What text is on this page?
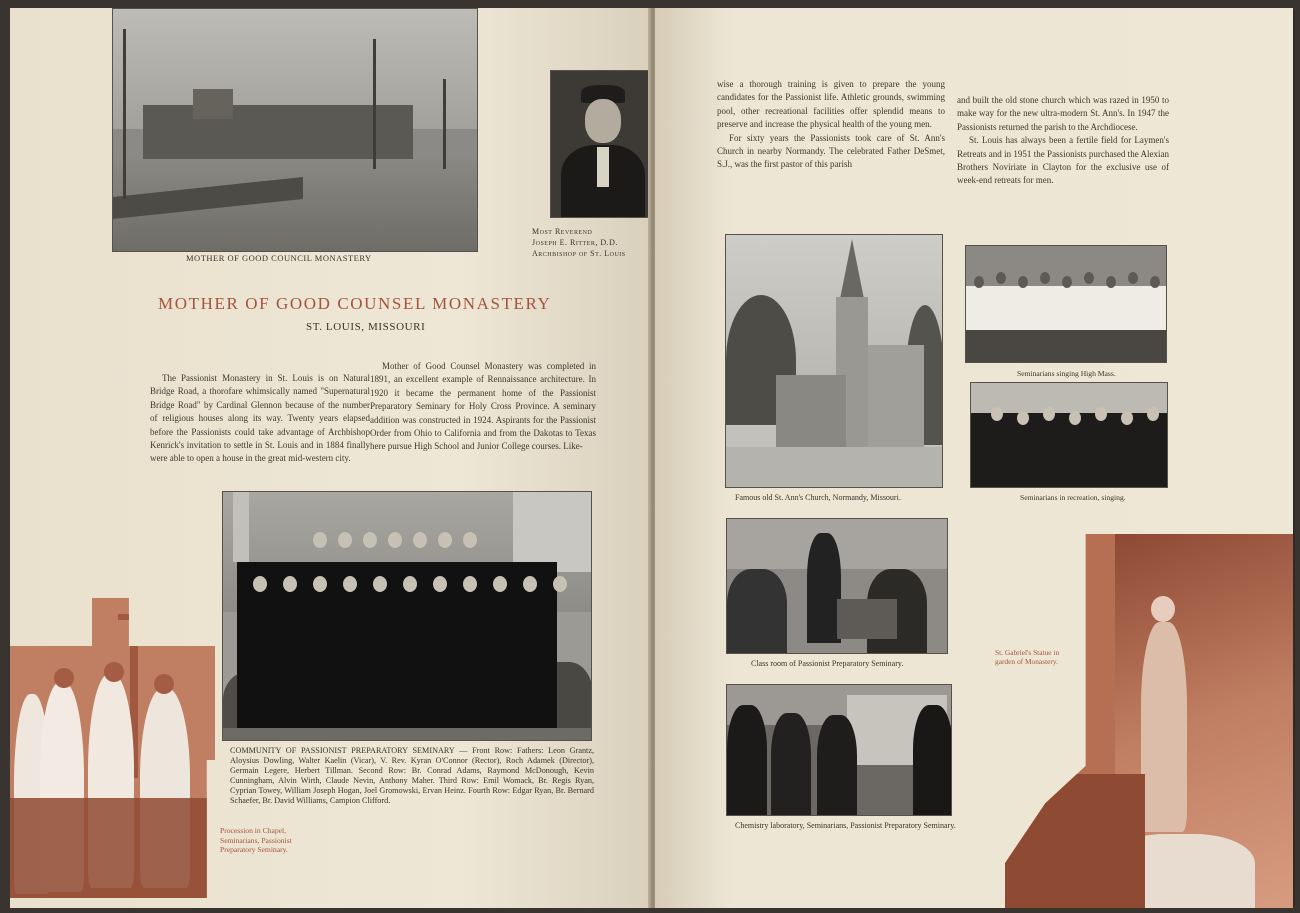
MOTHER OF GOOD COUNCIL MONASTERY
Most Reverend
Joseph E. Ritter, D.D.
Archbishop of St. Louis
MOTHER OF GOOD COUNSEL MONASTERY
ST. LOUIS, MISSOURI
The Passionist Monastery in St. Louis is on Natural Bridge Road, a thorofare whimsically named "Supernatural Bridge Road" by Cardinal Glennon because of the number of religious houses along its way. Twenty years elapsed before the Passionists could take advantage of Archbishop Kenrick's invitation to settle in St. Louis and in 1884 finally were able to open a house in the great mid-western city.
Mother of Good Counsel Monastery was completed in 1891, an excellent example of Rennaissance architecture. In 1920 it became the permanent home of the Passionist Preparatory Seminary for Holy Cross Province. A seminary addition was constructed in 1924. Aspirants for the Passionist Order from Ohio to California and from the Dakotas to Texas here pursue High School and Junior College courses. Like-
COMMUNITY OF PASSIONIST PREPARATORY SEMINARY — Front Row: Fathers: Leon Grantz, Aloysius Dowling, Walter Kaelin (Vicar), V. Rev. Kyran O'Connor (Rector), Roch Adamek (Director), Germain Legere, Herbert Tillman. Second Row: Br. Conrad Adams, Raymond McDonough, Kevin Cunningham, Alvin Wirth, Claude Nevin, Anthony Maher. Third Row: Emil Womack, Br. Regis Ryan, Cyprian Towey, William Joseph Hogan, Joel Gromowski, Ervan Heinz. Fourth Row: Edgar Ryan, Br. Bernard Schaefer, Br. David Williams, Campion Clifford.
Procession in Chapel, Seminarians, Passionist Preparatory Seminary.
wise a thorough training is given to prepare the young candidates for the Passionist life. Athletic grounds, swimming pool, other recreational facilities offer splendid means to preserve and increase the physical health of the young men.
For sixty years the Passionists took care of St. Ann's Church in nearby Normandy. The celebrated Father DeSmet, S.J., was the first pastor of this parish
and built the old stone church which was razed in 1950 to make way for the new ultra-modern St. Ann's. In 1947 the Passionists returned the parish to the Archdiocese.
St. Louis has always been a fertile field for Laymen's Retreats and in 1951 the Passionists purchased the Alexian Brothers Noviriate in Clayton for the exclusive use of week-end retreats for men.
Famous old St. Ann's Church, Normandy, Missouri.
Seminarians singing High Mass.
Seminarians in recreation, singing.
Class room of Passionist Preparatory Seminary.
Chemistry laboratory, Seminarians, Passionist Preparatory Seminary.
St. Gabriel's Statue in garden of Monastery.
